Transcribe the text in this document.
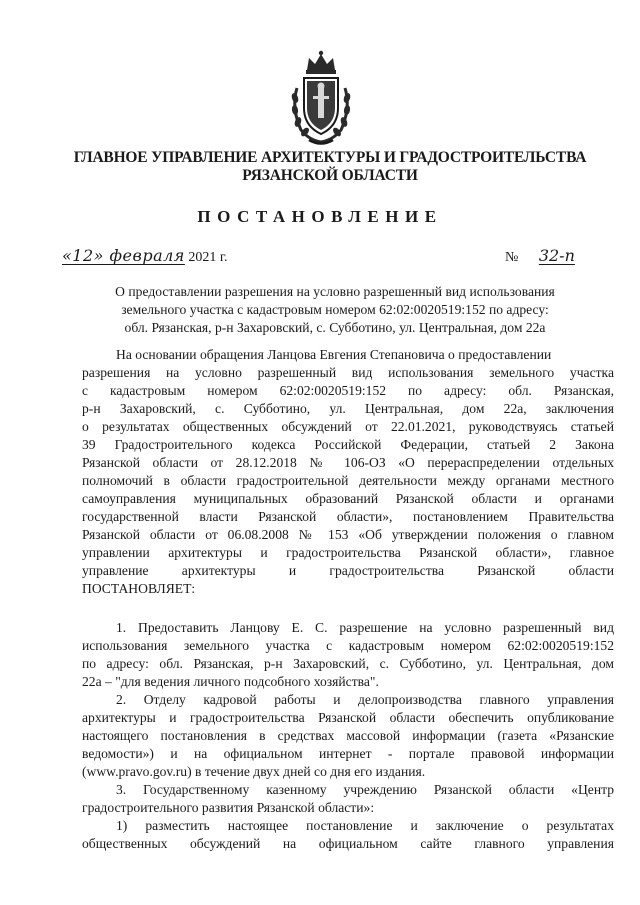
ГЛАВНОЕ УПРАВЛЕНИЕ АРХИТЕКТУРЫ И ГРАДОСТРОИТЕЛЬСТВА
РЯЗАНСКОЙ ОБЛАСТИ
ПОСТАНОВЛЕНИЕ
«12» февраля 2021 г.	№ 32-п
О предоставлении разрешения на условно разрешенный вид использования
земельного участка с кадастровым номером 62:02:0020519:152 по адресу:
обл. Рязанская, р-н Захаровский, с. Субботино, ул. Центральная, дом 22а
На основании обращения Ланцова Евгения Степановича о предоставлении
разрешения на условно разрешенный вид использования земельного участка
с кадастровым номером 62:02:0020519:152 по адресу: обл. Рязанская,
р-н Захаровский, с. Субботино, ул. Центральная, дом 22а, заключения
о результатах общественных обсуждений от 22.01.2021, руководствуясь статьей
39 Градостроительного кодекса Российской Федерации, статьей 2 Закона
Рязанской области от 28.12.2018 № 106-ОЗ «О перераспределении отдельных
полномочий в области градостроительной деятельности между органами местного
самоуправления муниципальных образований Рязанской области и органами
государственной власти Рязанской области», постановлением Правительства
Рязанской области от 06.08.2008 № 153 «Об утверждении положения о главном
управлении архитектуры и градостроительства Рязанской области», главное
управление архитектуры и градостроительства Рязанской области
ПОСТАНОВЛЯЕТ:
1. Предоставить Ланцову Е. С. разрешение на условно разрешенный вид
использования земельного участка с кадастровым номером 62:02:0020519:152
по адресу: обл. Рязанская, р-н Захаровский, с. Субботино, ул. Центральная, дом
22а – "для ведения личного подсобного хозяйства".
2. Отделу кадровой работы и делопроизводства главного управления
архитектуры и градостроительства Рязанской области обеспечить опубликование
настоящего постановления в средствах массовой информации (газета «Рязанские
ведомости») и на официальном интернет - портале правовой информации
(www.pravo.gov.ru) в течение двух дней со дня его издания.
3. Государственному казенному учреждению Рязанской области «Центр
градостроительного развития Рязанской области»:
1) разместить настоящее постановление и заключение о результатах
общественных обсуждений на официальном сайте главного управления
